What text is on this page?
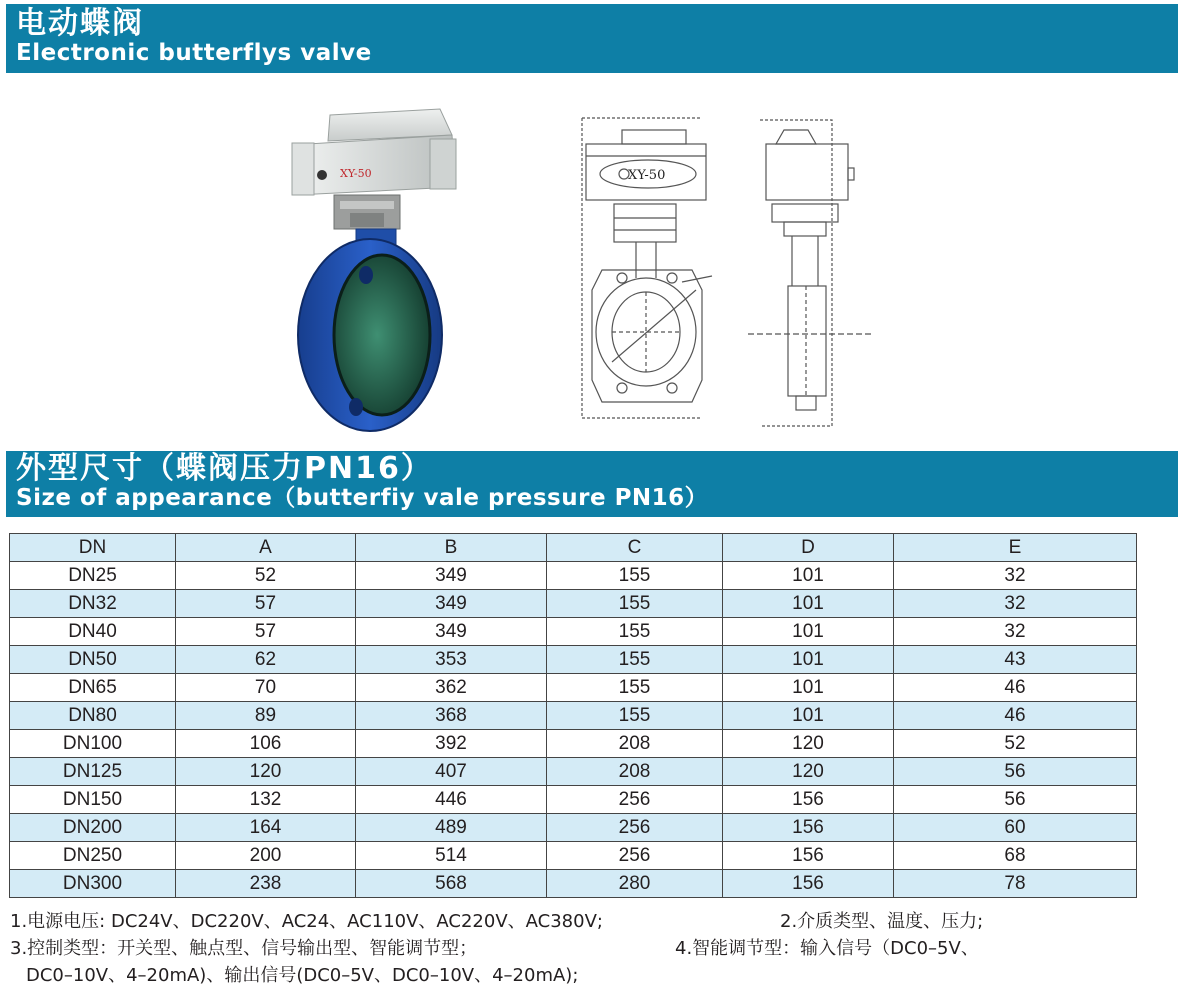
电动蝶阀
Electronic butterflys valve
XY-50	XY-50
外型尺寸（蝶阀压力PN16）
Size of appearance（butterfiy vale pressure PN16）
DN	A	B	C	D	E
DN25	52	349	155	101	32
DN32	57	349	155	101	32
DN40	57	349	155	101	32
DN50	62	353	155	101	43
DN65	70	362	155	101	46
DN80	89	368	155	101	46
DN100	106	392	208	120	52
DN125	120	407	208	120	56
DN150	132	446	256	156	56
DN200	164	489	256	156	60
DN250	200	514	256	156	68
DN300	238	568	280	156	78
1.电源电压: DC24V、DC220V、AC24、AC110V、AC220V、AC380V;	2.介质类型、温度、压力;
3.控制类型：开关型、触点型、信号输出型、智能调节型；	4.智能调节型：输入信号（DC0–5V、
DC0–10V、4–20mA)、输出信号(DC0–5V、DC0–10V、4–20mA);
